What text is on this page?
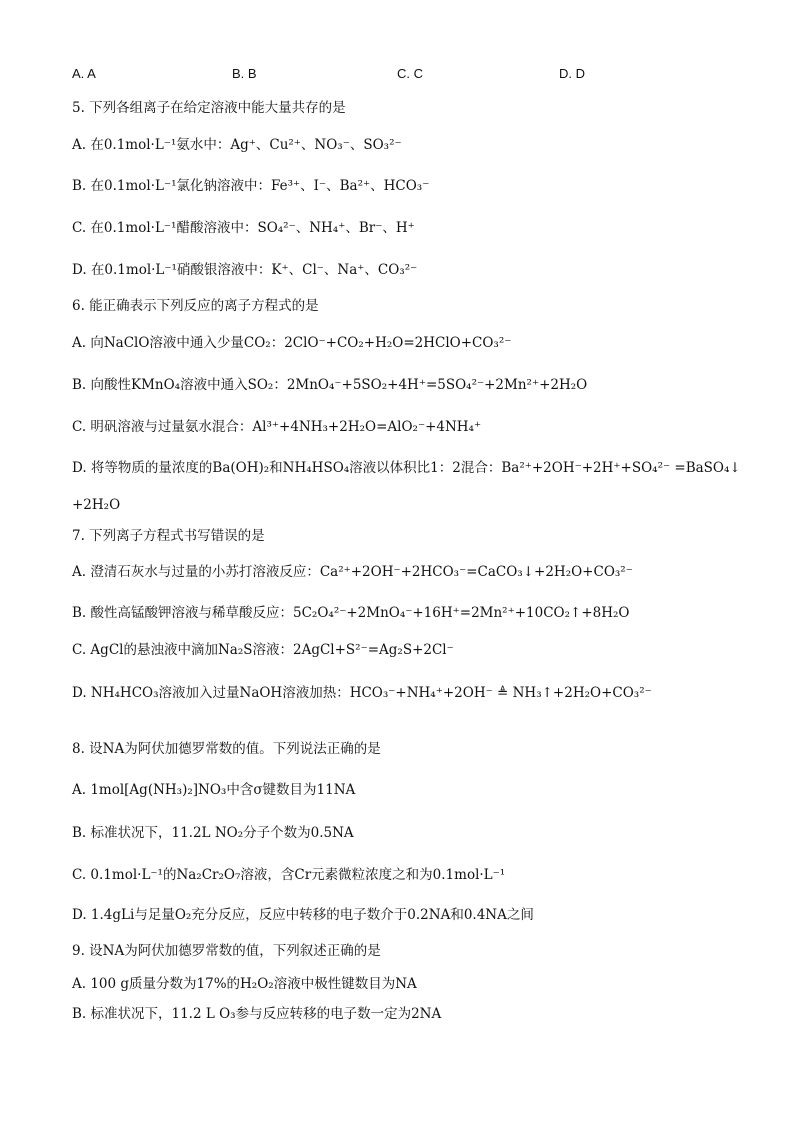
A. A	B. B	C. C	D. D
5. 下列各组离子在给定溶液中能大量共存的是
A. 在0.1mol·L⁻¹氨水中：Ag⁺、Cu²⁺、NO₃⁻、SO₃²⁻
B. 在0.1mol·L⁻¹氯化钠溶液中：Fe³⁺、I⁻、Ba²⁺、HCO₃⁻
C. 在0.1mol·L⁻¹醋酸溶液中：SO₄²⁻、NH₄⁺、Br⁻、H⁺
D. 在0.1mol·L⁻¹硝酸银溶液中：K⁺、Cl⁻、Na⁺、CO₃²⁻
6. 能正确表示下列反应的离子方程式的是
A. 向NaClO溶液中通入少量CO₂：2ClO⁻+CO₂+H₂O=2HClO+CO₃²⁻
B. 向酸性KMnO₄溶液中通入SO₂：2MnO₄⁻+5SO₂+4H⁺=5SO₄²⁻+2Mn²⁺+2H₂O
C. 明矾溶液与过量氨水混合：Al³⁺+4NH₃+2H₂O=AlO₂⁻+4NH₄⁺
D. 将等物质的量浓度的Ba(OH)₂和NH₄HSO₄溶液以体积比1：2混合：Ba²⁺+2OH⁻+2H⁺+SO₄²⁻ =BaSO₄↓
+2H₂O
7. 下列离子方程式书写错误的是
A. 澄清石灰水与过量的小苏打溶液反应：Ca²⁺+2OH⁻+2HCO₃⁻=CaCO₃↓+2H₂O+CO₃²⁻
B. 酸性高锰酸钾溶液与稀草酸反应：5C₂O₄²⁻+2MnO₄⁻+16H⁺=2Mn²⁺+10CO₂↑+8H₂O
C. AgCl的悬浊液中滴加Na₂S溶液：2AgCl+S²⁻=Ag₂S+2Cl⁻
D. NH₄HCO₃溶液加入过量NaOH溶液加热：HCO₃⁻+NH₄⁺+2OH⁻ ≜ NH₃↑+2H₂O+CO₃²⁻
8. 设NA为阿伏加德罗常数的值。下列说法正确的是
A. 1mol[Ag(NH₃)₂]NO₃中含σ键数目为11NA
B. 标准状况下，11.2L NO₂分子个数为0.5NA
C. 0.1mol·L⁻¹的Na₂Cr₂O₇溶液，含Cr元素微粒浓度之和为0.1mol·L⁻¹
D. 1.4gLi与足量O₂充分反应，反应中转移的电子数介于0.2NA和0.4NA之间
9. 设NA为阿伏加德罗常数的值，下列叙述正确的是
A. 100 g质量分数为17%的H₂O₂溶液中极性键数目为NA
B. 标准状况下，11.2 L O₃参与反应转移的电子数一定为2NA
